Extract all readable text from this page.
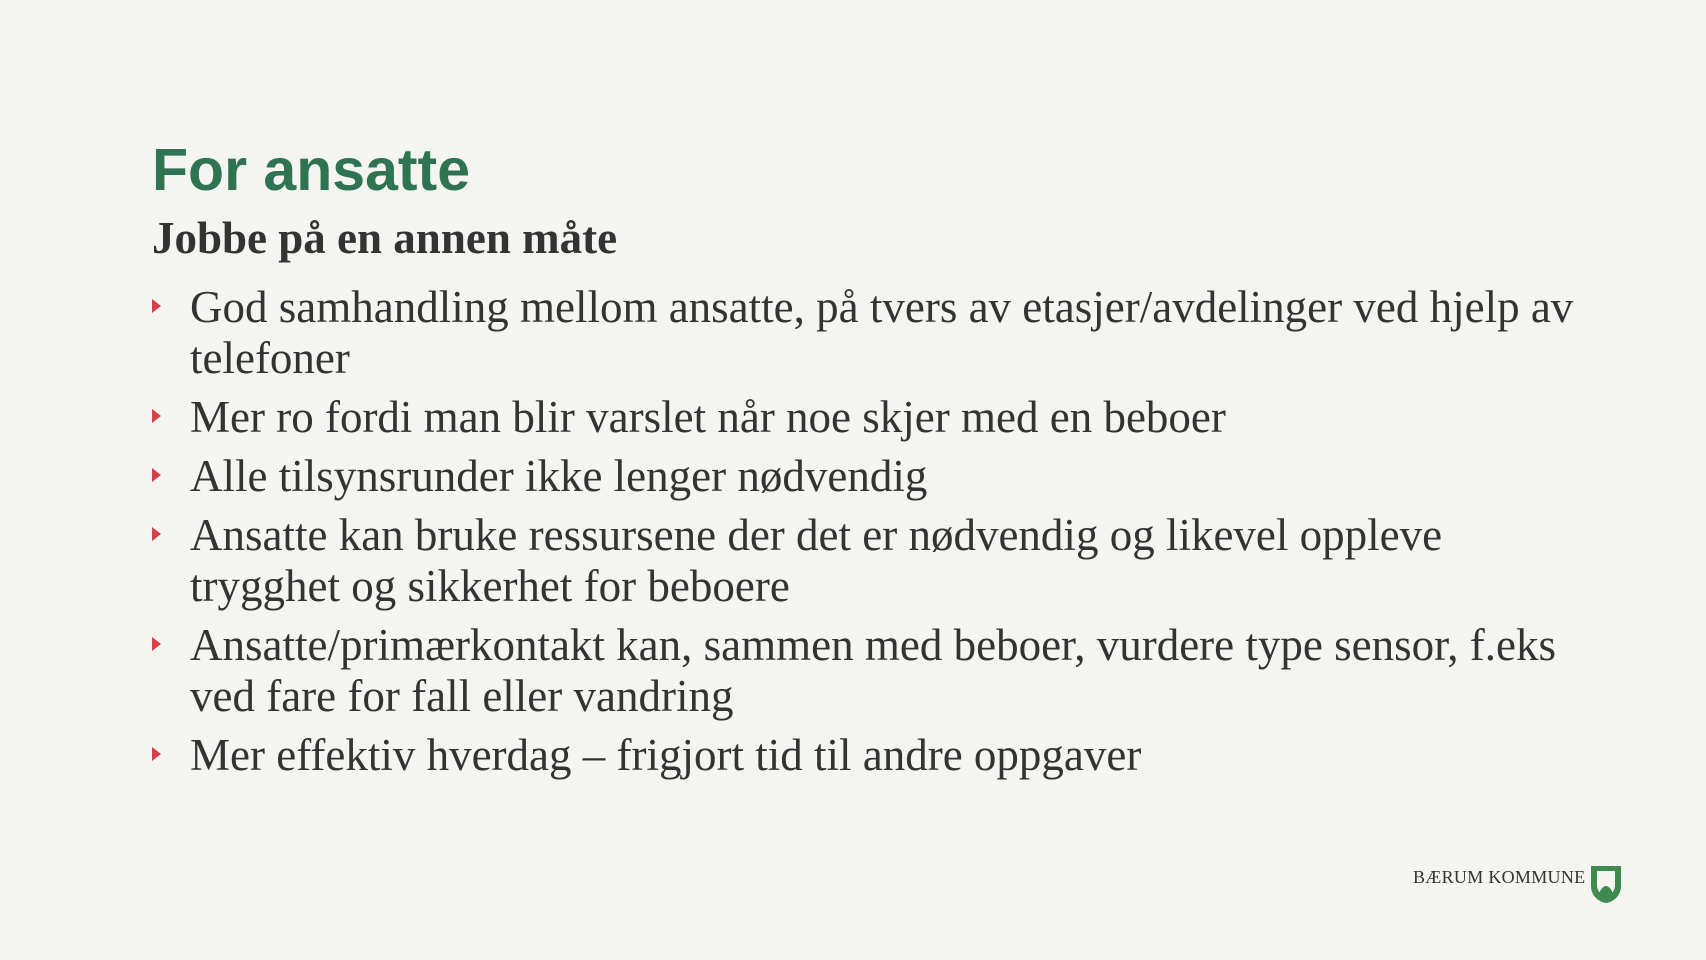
For ansatte
Jobbe på en annen måte
God samhandling mellom ansatte, på tvers av etasjer/avdelinger ved hjelp av telefoner
Mer ro fordi man blir varslet når noe skjer med en beboer
Alle tilsynsrunder ikke lenger nødvendig
Ansatte kan bruke ressursene der det er nødvendig og likevel oppleve trygghet og sikkerhet for beboere
Ansatte/primærkontakt kan, sammen med beboer, vurdere type sensor, f.eks ved fare for fall eller vandring
Mer effektiv hverdag – frigjort tid til andre oppgaver
BÆRUM KOMMUNE
